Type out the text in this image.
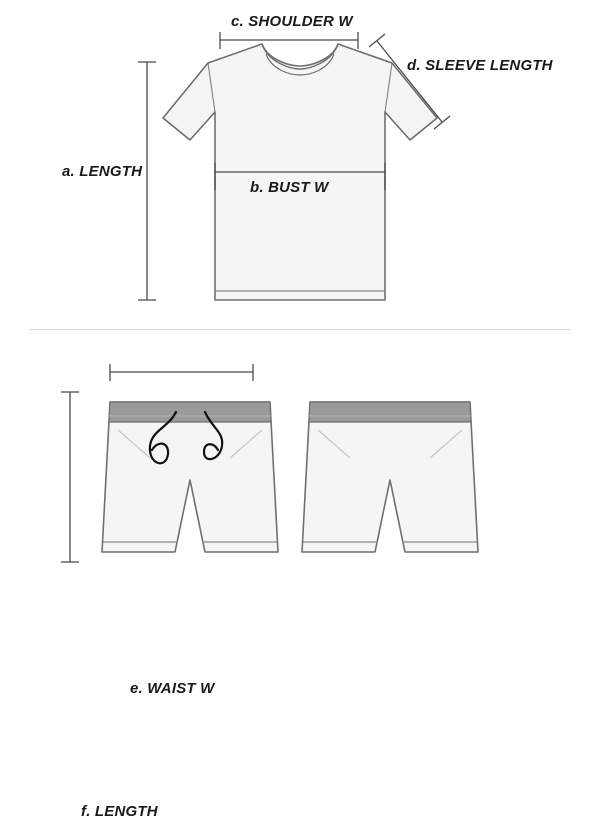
c. SHOULDER W
d. SLEEVE LENGTH
a. LENGTH
b. BUST W
e. WAIST W
f. LENGTH
